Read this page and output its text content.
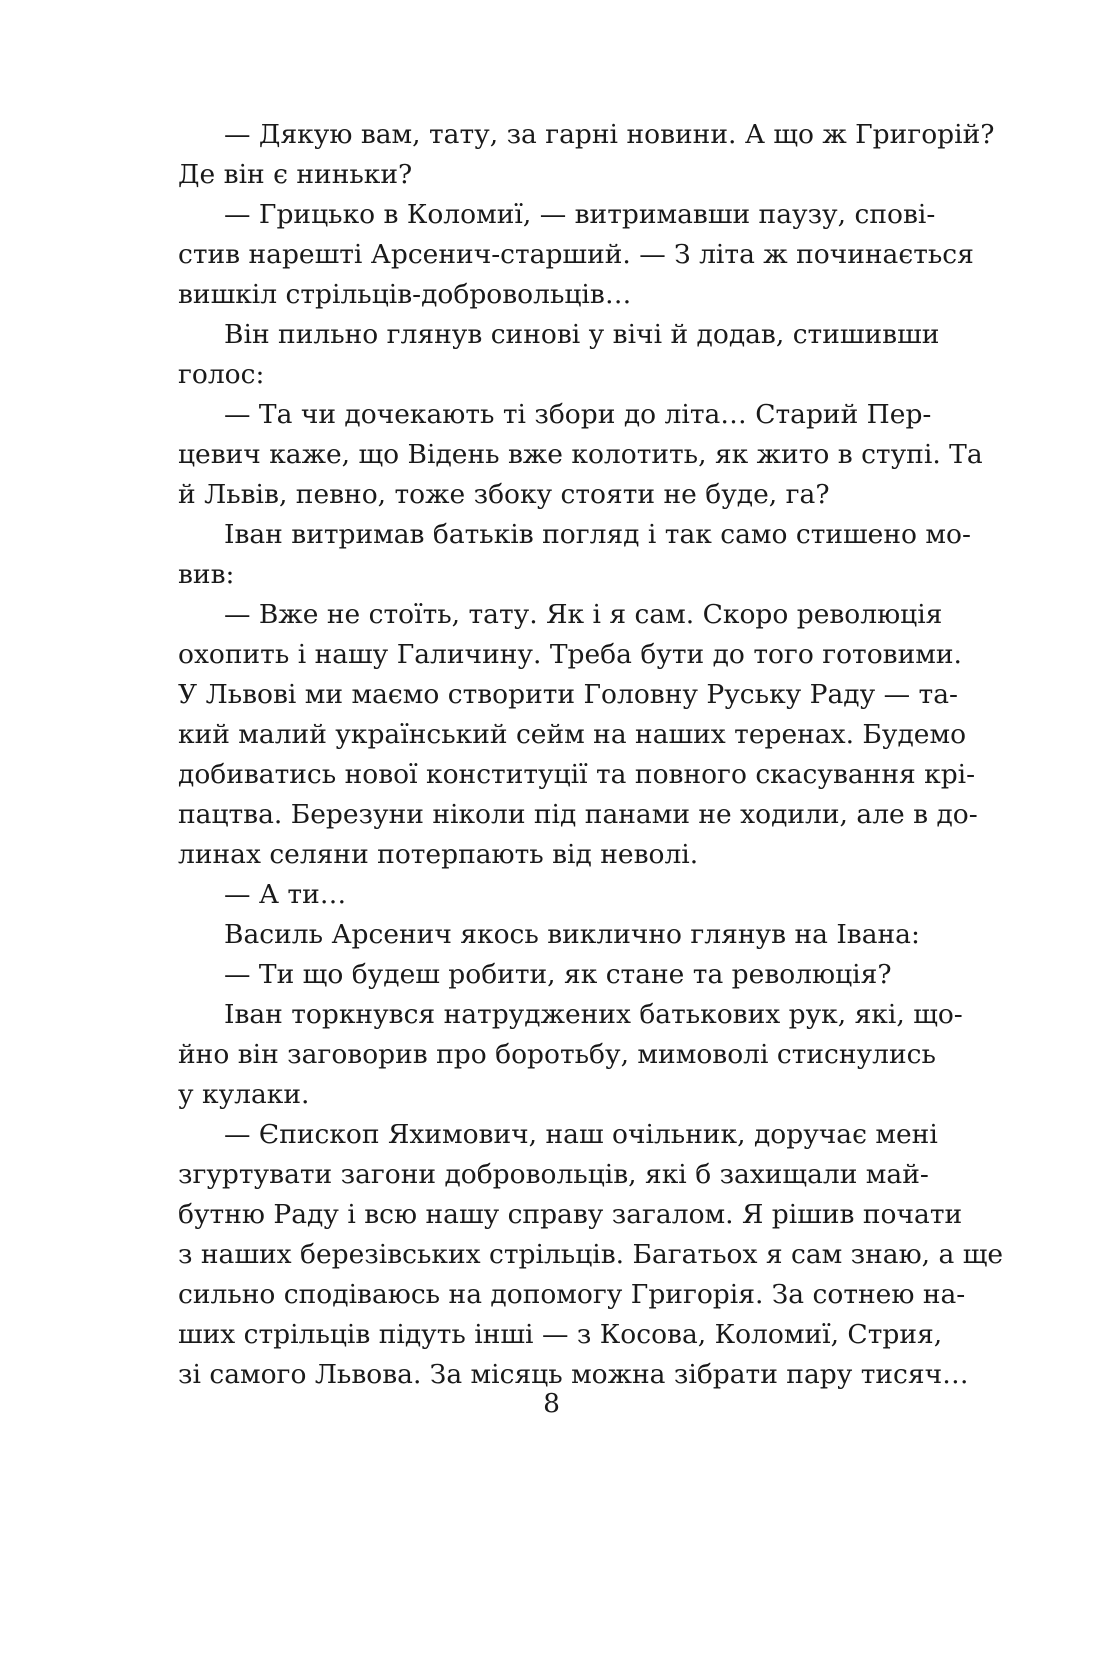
— Дякую вам, тату, за гарні новини. А що ж Григорій?
Де він є ниньки?
— Грицько в Коломиї, — витримавши паузу, спові-
стив нарешті Арсенич-старший. — З літа ж починається
вишкіл стрільців-добровольців…
Він пильно глянув синові у вічі й додав, стишивши
голос:
— Та чи дочекають ті збори до літа… Старий Пер-
цевич каже, що Відень вже колотить, як жито в ступі. Та
й Львів, певно, тоже збоку стояти не буде, га?
Іван витримав батьків погляд і так само стишено мо-
вив:
— Вже не стоїть, тату. Як і я сам. Скоро революція
охопить і нашу Галичину. Треба бути до того готовими.
У Львові ми маємо створити Головну Руську Раду — та-
кий малий український сейм на наших теренах. Будемо
добиватись нової конституції та повного скасування крі-
пацтва. Березуни ніколи під панами не ходили, але в до-
линах селяни потерпають від неволі.
— А ти…
Василь Арсенич якось виклично глянув на Івана:
— Ти що будеш робити, як стане та революція?
Іван торкнувся натруджених батькових рук, які, що-
йно він заговорив про боротьбу, мимоволі стиснулись
у кулаки.
— Єпископ Яхимович, наш очільник, доручає мені
згуртувати загони добровольців, які б захищали май-
бутню Раду і всю нашу справу загалом. Я рішив почати
з наших березівських стрільців. Багатьох я сам знаю, а ще
сильно сподіваюсь на допомогу Григорія. За сотнею на-
ших стрільців підуть інші — з Косова, Коломиї, Стрия,
зі самого Львова. За місяць можна зібрати пару тисяч…
8
